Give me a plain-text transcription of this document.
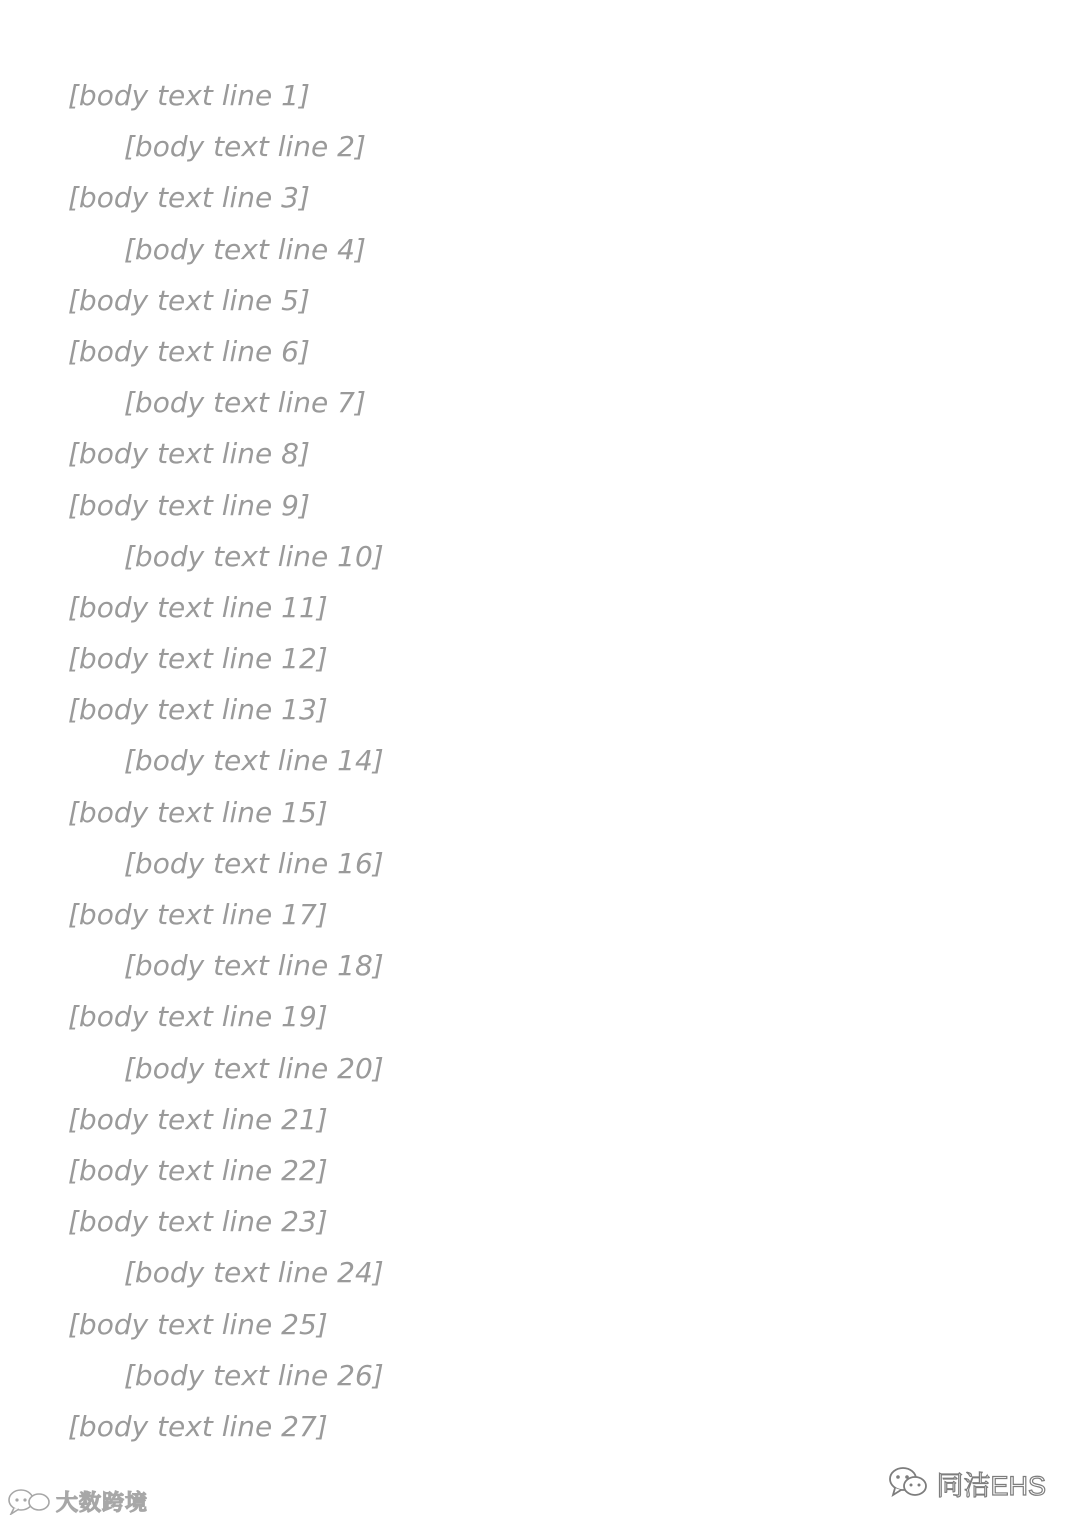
[body text line 1]
[body text line 2]
[body text line 3]
[body text line 4]
[body text line 5]
[body text line 6]
[body text line 7]
[body text line 8]
[body text line 9]
[body text line 10]
[body text line 11]
[body text line 12]
[body text line 13]
[body text line 14]
[body text line 15]
[body text line 16]
[body text line 17]
[body text line 18]
[body text line 19]
[body text line 20]
[body text line 21]
[body text line 22]
[body text line 23]
[body text line 24]
[body text line 25]
[body text line 26]
[body text line 27]
大数跨境
同洁EHS
